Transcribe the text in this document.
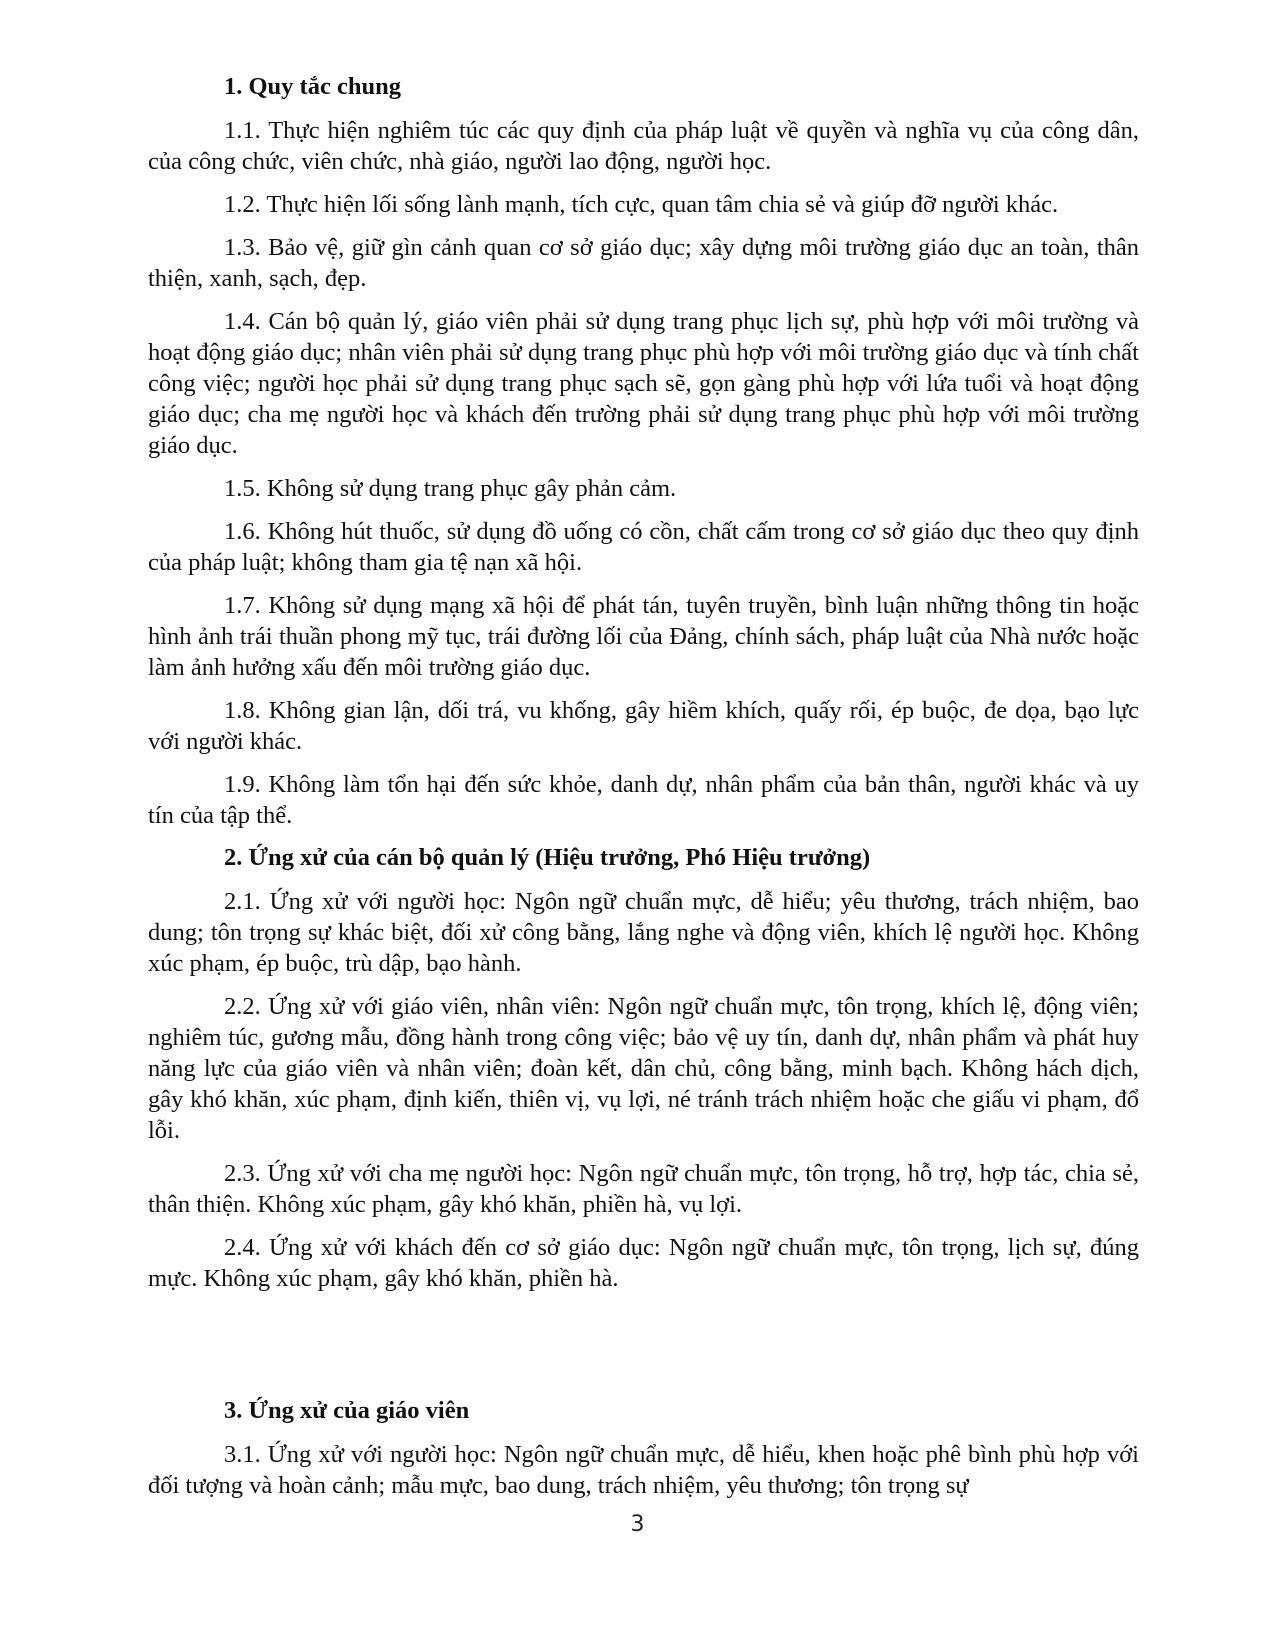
1. Quy tắc chung

1.1. Thực hiện nghiêm túc các quy định của pháp luật về quyền và nghĩa vụ của công dân, của công chức, viên chức, nhà giáo, người lao động, người học.

1.2. Thực hiện lối sống lành mạnh, tích cực, quan tâm chia sẻ và giúp đỡ người khác.

1.3. Bảo vệ, giữ gìn cảnh quan cơ sở giáo dục; xây dựng môi trường giáo dục an toàn, thân thiện, xanh, sạch, đẹp.

1.4. Cán bộ quản lý, giáo viên phải sử dụng trang phục lịch sự, phù hợp với môi trường và hoạt động giáo dục; nhân viên phải sử dụng trang phục phù hợp với môi trường giáo dục và tính chất công việc; người học phải sử dụng trang phục sạch sẽ, gọn gàng phù hợp với lứa tuổi và hoạt động giáo dục; cha mẹ người học và khách đến trường phải sử dụng trang phục phù hợp với môi trường giáo dục.

1.5. Không sử dụng trang phục gây phản cảm.

1.6. Không hút thuốc, sử dụng đồ uống có cồn, chất cấm trong cơ sở giáo dục theo quy định của pháp luật; không tham gia tệ nạn xã hội.

1.7. Không sử dụng mạng xã hội để phát tán, tuyên truyền, bình luận những thông tin hoặc hình ảnh trái thuần phong mỹ tục, trái đường lối của Đảng, chính sách, pháp luật của Nhà nước hoặc làm ảnh hưởng xấu đến môi trường giáo dục.

1.8. Không gian lận, dối trá, vu khống, gây hiềm khích, quấy rối, ép buộc, đe dọa, bạo lực với người khác.

1.9. Không làm tổn hại đến sức khỏe, danh dự, nhân phẩm của bản thân, người khác và uy tín của tập thể.

2. Ứng xử của cán bộ quản lý (Hiệu trưởng, Phó Hiệu trưởng)

2.1. Ứng xử với người học: Ngôn ngữ chuẩn mực, dễ hiểu; yêu thương, trách nhiệm, bao dung; tôn trọng sự khác biệt, đối xử công bằng, lắng nghe và động viên, khích lệ người học. Không xúc phạm, ép buộc, trù dập, bạo hành.

2.2. Ứng xử với giáo viên, nhân viên: Ngôn ngữ chuẩn mực, tôn trọng, khích lệ, động viên; nghiêm túc, gương mẫu, đồng hành trong công việc; bảo vệ uy tín, danh dự, nhân phẩm và phát huy năng lực của giáo viên và nhân viên; đoàn kết, dân chủ, công bằng, minh bạch. Không hách dịch, gây khó khăn, xúc phạm, định kiến, thiên vị, vụ lợi, né tránh trách nhiệm hoặc che giấu vi phạm, đổ lỗi.

2.3. Ứng xử với cha mẹ người học: Ngôn ngữ chuẩn mực, tôn trọng, hỗ trợ, hợp tác, chia sẻ, thân thiện. Không xúc phạm, gây khó khăn, phiền hà, vụ lợi.

2.4. Ứng xử với khách đến cơ sở giáo dục: Ngôn ngữ chuẩn mực, tôn trọng, lịch sự, đúng mực. Không xúc phạm, gây khó khăn, phiền hà.

3. Ứng xử của giáo viên

3.1. Ứng xử với người học: Ngôn ngữ chuẩn mực, dễ hiểu, khen hoặc phê bình phù hợp với đối tượng và hoàn cảnh; mẫu mực, bao dung, trách nhiệm, yêu thương; tôn trọng sự

3
